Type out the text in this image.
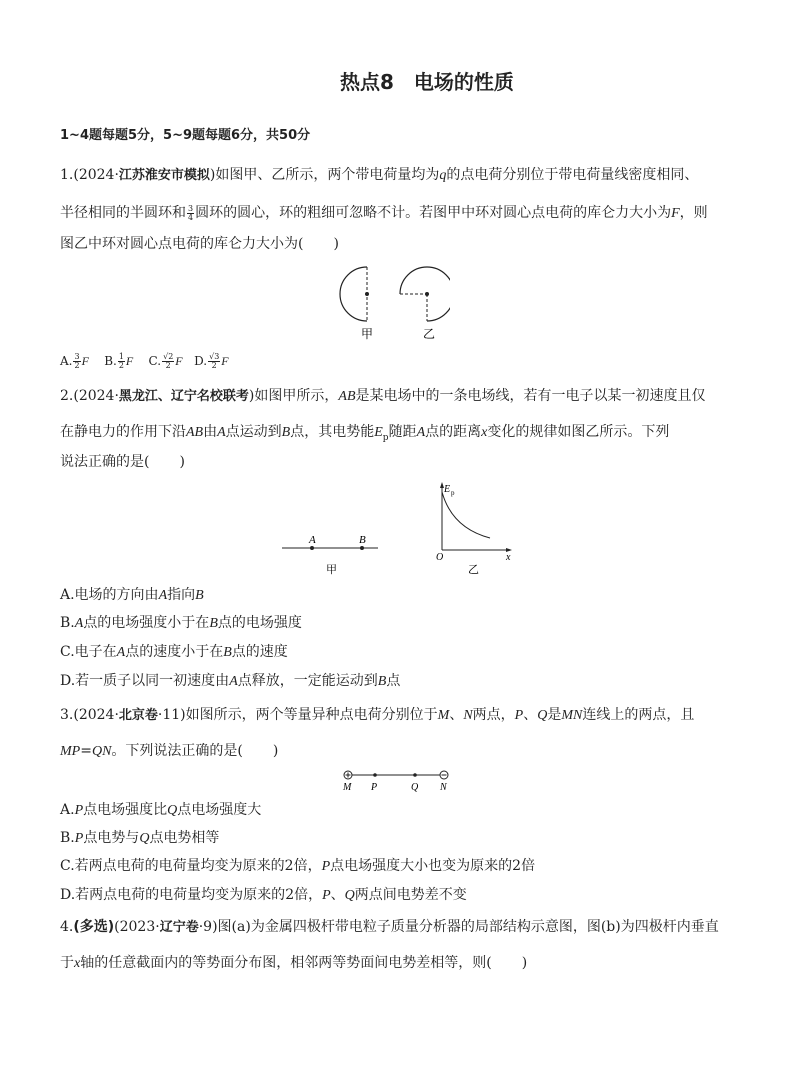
热点8　电场的性质
1~4题每题5分，5~9题每题6分，共50分
1.(2024·江苏淮安市模拟)如图甲、乙所示，两个带电荷量均为q的点电荷分别位于带电荷量线密度相同、
半径相同的半圆环和 $\frac{3}{4}$ 圆环的圆心，环的粗细可忽略不计。若图甲中环对圆心点电荷的库仑力大小为F，则
图乙中环对圆心点电荷的库仑力大小为( )
甲	乙
A. $\frac{3}{2}$ F B. $\frac{1}{2}$ F C. $\frac{√2}{2}$ F D. $\frac{√3}{2}$ F
2.(2024·黑龙江、辽宁名校联考)如图甲所示，AB是某电场中的一条电场线，若有一电子以某一初速度且仅
在静电力的作用下沿AB由A点运动到B点，其电势能$E_p$随距A点的距离x变化的规律如图乙所示。下列
说法正确的是( )
A	B
甲
E p
O	x
乙
A.电场的方向由A指向B
B.A点的电场强度小于在B点的电场强度
C.电子在A点的速度小于在B点的速度
D.若一质子以同一初速度由A点释放，一定能运动到B点
3.(2024·北京卷·11)如图所示，两个等量异种点电荷分别位于M、N两点，P、Q是MN连线上的两点，且
MP=QN。下列说法正确的是( )
M P	Q N
A.P点电场强度比Q点电场强度大
B.P点电势与Q点电势相等
C.若两点电荷的电荷量均变为原来的2倍，P点电场强度大小也变为原来的2倍
D.若两点电荷的电荷量均变为原来的2倍，P、Q两点间电势差不变
4.(多选)(2023·辽宁卷·9)图(a)为金属四极杆带电粒子质量分析器的局部结构示意图，图(b)为四极杆内垂直
于x轴的任意截面内的等势面分布图，相邻两等势面间电势差相等，则( )
